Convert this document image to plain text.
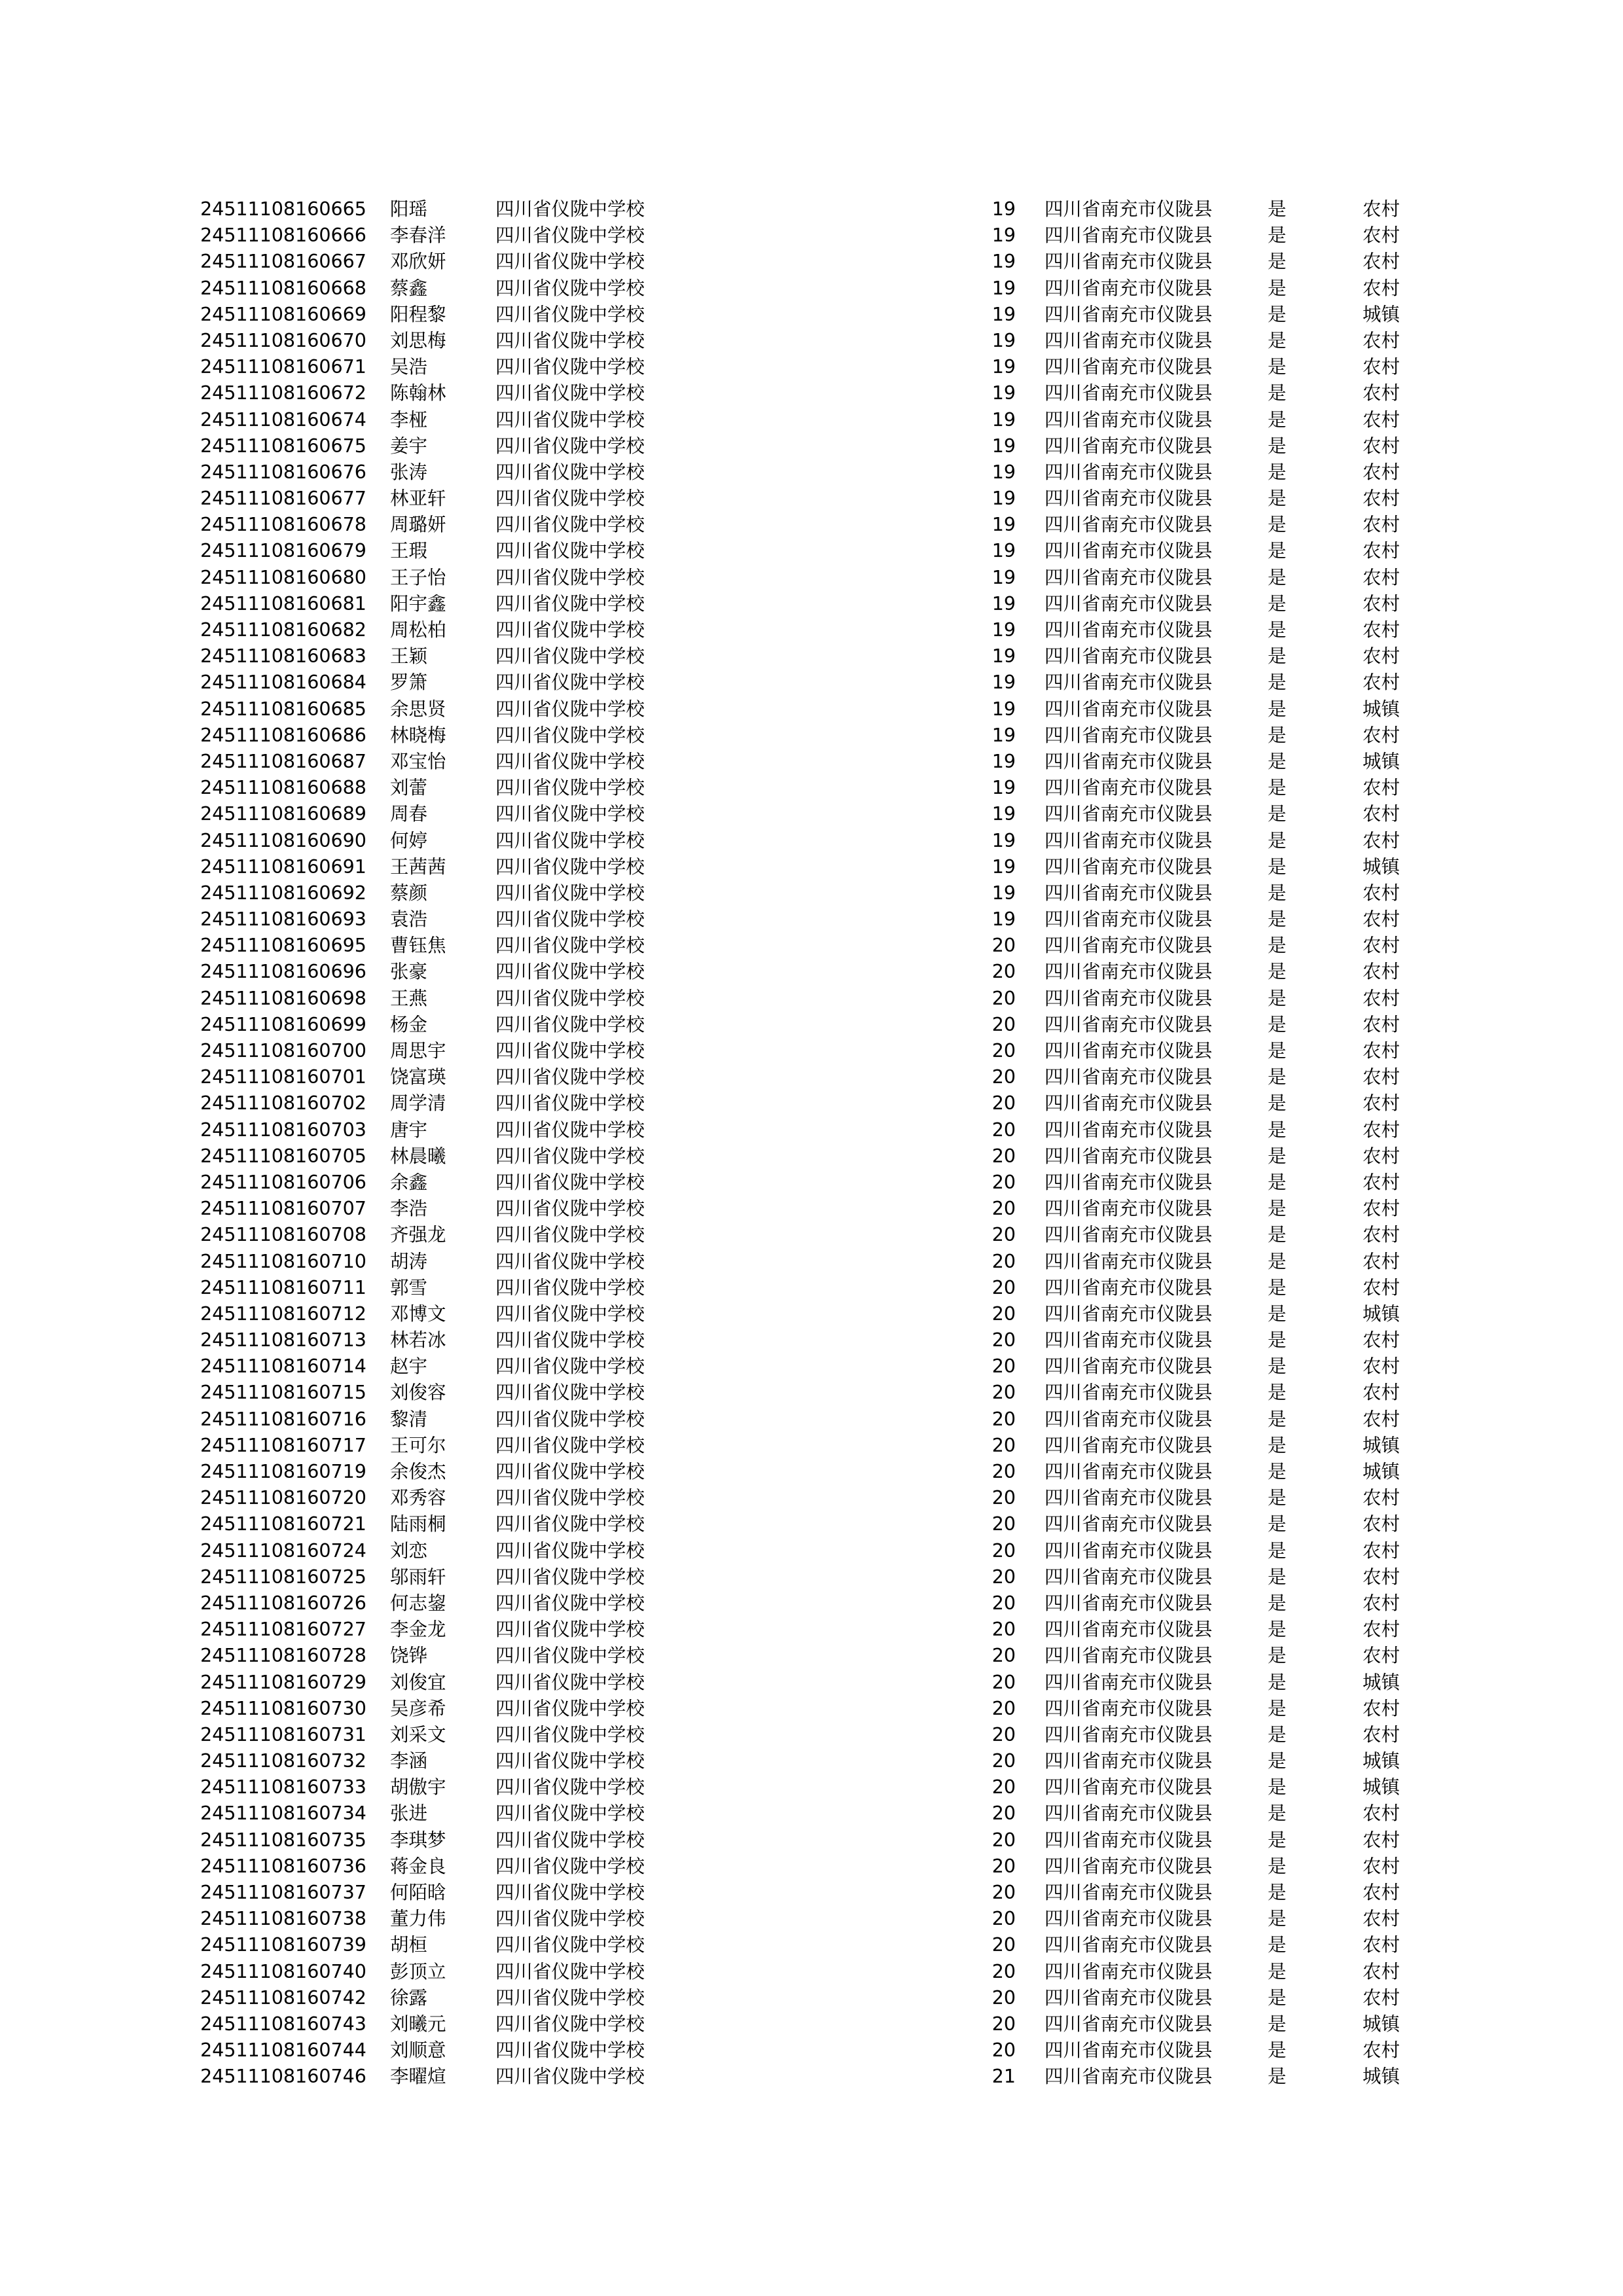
24511108160665 阳瑶	四川省仪陇中学校	19 四川省南充市仪陇县	是	农村
24511108160666 李春洋	四川省仪陇中学校	19 四川省南充市仪陇县	是	农村
24511108160667 邓欣妍	四川省仪陇中学校	19 四川省南充市仪陇县	是	农村
24511108160668 蔡鑫	四川省仪陇中学校	19 四川省南充市仪陇县	是	农村
24511108160669 阳程黎	四川省仪陇中学校	19 四川省南充市仪陇县	是	城镇
24511108160670 刘思梅	四川省仪陇中学校	19 四川省南充市仪陇县	是	农村
24511108160671 吴浩	四川省仪陇中学校	19 四川省南充市仪陇县	是	农村
24511108160672 陈翰林	四川省仪陇中学校	19 四川省南充市仪陇县	是	农村
24511108160674 李桠	四川省仪陇中学校	19 四川省南充市仪陇县	是	农村
24511108160675 姜宇	四川省仪陇中学校	19 四川省南充市仪陇县	是	农村
24511108160676 张涛	四川省仪陇中学校	19 四川省南充市仪陇县	是	农村
24511108160677 林亚轩	四川省仪陇中学校	19 四川省南充市仪陇县	是	农村
24511108160678 周璐妍	四川省仪陇中学校	19 四川省南充市仪陇县	是	农村
24511108160679 王瑕	四川省仪陇中学校	19 四川省南充市仪陇县	是	农村
24511108160680 王子怡	四川省仪陇中学校	19 四川省南充市仪陇县	是	农村
24511108160681 阳宇鑫	四川省仪陇中学校	19 四川省南充市仪陇县	是	农村
24511108160682 周松柏	四川省仪陇中学校	19 四川省南充市仪陇县	是	农村
24511108160683 王颖	四川省仪陇中学校	19 四川省南充市仪陇县	是	农村
24511108160684 罗箫	四川省仪陇中学校	19 四川省南充市仪陇县	是	农村
24511108160685 余思贤	四川省仪陇中学校	19 四川省南充市仪陇县	是	城镇
24511108160686 林晓梅	四川省仪陇中学校	19 四川省南充市仪陇县	是	农村
24511108160687 邓宝怡	四川省仪陇中学校	19 四川省南充市仪陇县	是	城镇
24511108160688 刘蕾	四川省仪陇中学校	19 四川省南充市仪陇县	是	农村
24511108160689 周春	四川省仪陇中学校	19 四川省南充市仪陇县	是	农村
24511108160690 何婷	四川省仪陇中学校	19 四川省南充市仪陇县	是	农村
24511108160691 王茜茜	四川省仪陇中学校	19 四川省南充市仪陇县	是	城镇
24511108160692 蔡颜	四川省仪陇中学校	19 四川省南充市仪陇县	是	农村
24511108160693 袁浩	四川省仪陇中学校	19 四川省南充市仪陇县	是	农村
24511108160695 曹钰焦	四川省仪陇中学校	20 四川省南充市仪陇县	是	农村
24511108160696 张豪	四川省仪陇中学校	20 四川省南充市仪陇县	是	农村
24511108160698 王燕	四川省仪陇中学校	20 四川省南充市仪陇县	是	农村
24511108160699 杨金	四川省仪陇中学校	20 四川省南充市仪陇县	是	农村
24511108160700 周思宇	四川省仪陇中学校	20 四川省南充市仪陇县	是	农村
24511108160701 饶富瑛	四川省仪陇中学校	20 四川省南充市仪陇县	是	农村
24511108160702 周学清	四川省仪陇中学校	20 四川省南充市仪陇县	是	农村
24511108160703 唐宇	四川省仪陇中学校	20 四川省南充市仪陇县	是	农村
24511108160705 林晨曦	四川省仪陇中学校	20 四川省南充市仪陇县	是	农村
24511108160706 余鑫	四川省仪陇中学校	20 四川省南充市仪陇县	是	农村
24511108160707 李浩	四川省仪陇中学校	20 四川省南充市仪陇县	是	农村
24511108160708 齐强龙	四川省仪陇中学校	20 四川省南充市仪陇县	是	农村
24511108160710 胡涛	四川省仪陇中学校	20 四川省南充市仪陇县	是	农村
24511108160711 郭雪	四川省仪陇中学校	20 四川省南充市仪陇县	是	农村
24511108160712 邓博文	四川省仪陇中学校	20 四川省南充市仪陇县	是	城镇
24511108160713 林若冰	四川省仪陇中学校	20 四川省南充市仪陇县	是	农村
24511108160714 赵宇	四川省仪陇中学校	20 四川省南充市仪陇县	是	农村
24511108160715 刘俊容	四川省仪陇中学校	20 四川省南充市仪陇县	是	农村
24511108160716 黎清	四川省仪陇中学校	20 四川省南充市仪陇县	是	农村
24511108160717 王可尔	四川省仪陇中学校	20 四川省南充市仪陇县	是	城镇
24511108160719 余俊杰	四川省仪陇中学校	20 四川省南充市仪陇县	是	城镇
24511108160720 邓秀容	四川省仪陇中学校	20 四川省南充市仪陇县	是	农村
24511108160721 陆雨桐	四川省仪陇中学校	20 四川省南充市仪陇县	是	农村
24511108160724 刘恋	四川省仪陇中学校	20 四川省南充市仪陇县	是	农村
24511108160725 邬雨轩	四川省仪陇中学校	20 四川省南充市仪陇县	是	农村
24511108160726 何志鋆	四川省仪陇中学校	20 四川省南充市仪陇县	是	农村
24511108160727 李金龙	四川省仪陇中学校	20 四川省南充市仪陇县	是	农村
24511108160728 饶铧	四川省仪陇中学校	20 四川省南充市仪陇县	是	农村
24511108160729 刘俊宜	四川省仪陇中学校	20 四川省南充市仪陇县	是	城镇
24511108160730 吴彦希	四川省仪陇中学校	20 四川省南充市仪陇县	是	农村
24511108160731 刘采文	四川省仪陇中学校	20 四川省南充市仪陇县	是	农村
24511108160732 李涵	四川省仪陇中学校	20 四川省南充市仪陇县	是	城镇
24511108160733 胡傲宇	四川省仪陇中学校	20 四川省南充市仪陇县	是	城镇
24511108160734 张进	四川省仪陇中学校	20 四川省南充市仪陇县	是	农村
24511108160735 李琪梦	四川省仪陇中学校	20 四川省南充市仪陇县	是	农村
24511108160736 蒋金良	四川省仪陇中学校	20 四川省南充市仪陇县	是	农村
24511108160737 何陌晗	四川省仪陇中学校	20 四川省南充市仪陇县	是	农村
24511108160738 董力伟	四川省仪陇中学校	20 四川省南充市仪陇县	是	农村
24511108160739 胡桓	四川省仪陇中学校	20 四川省南充市仪陇县	是	农村
24511108160740 彭顶立	四川省仪陇中学校	20 四川省南充市仪陇县	是	农村
24511108160742 徐露	四川省仪陇中学校	20 四川省南充市仪陇县	是	农村
24511108160743 刘曦元	四川省仪陇中学校	20 四川省南充市仪陇县	是	城镇
24511108160744 刘顺意	四川省仪陇中学校	20 四川省南充市仪陇县	是	农村
24511108160746 李曜煊	四川省仪陇中学校	21 四川省南充市仪陇县	是	城镇
